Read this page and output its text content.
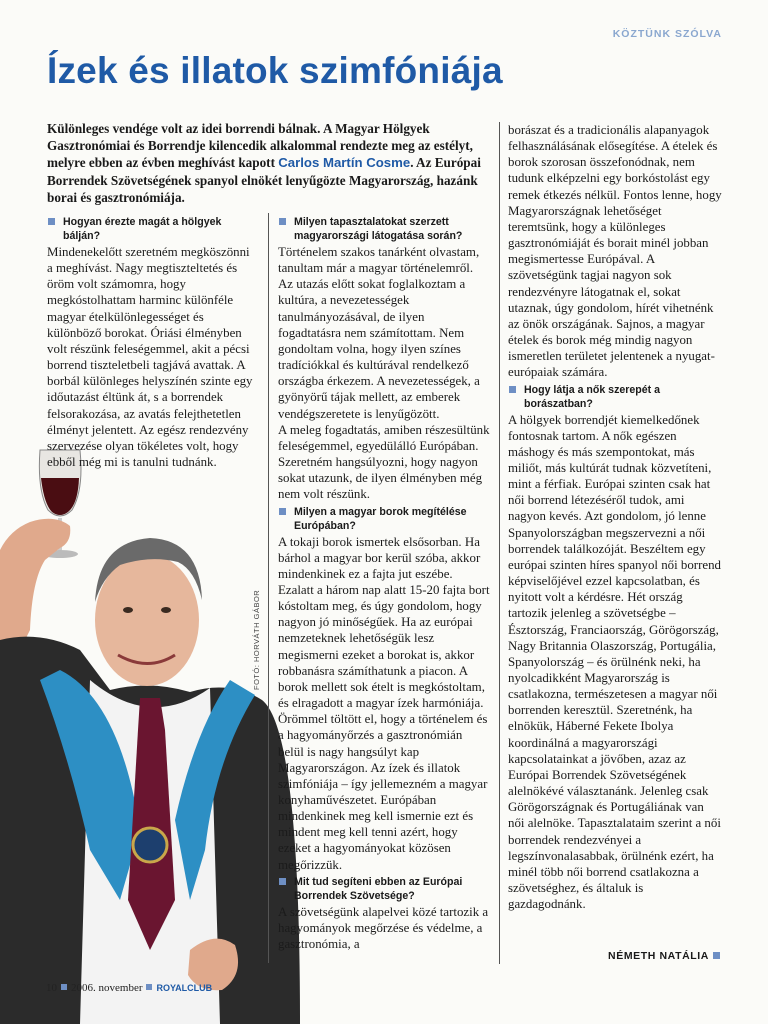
KÖZTÜNK SZÓLVA
Ízek és illatok szimfóniája
Különleges vendége volt az idei borrendi bálnak. A Magyar Hölgyek Gasztronómiai és Borrendje kilencedik alkalommal rendezte meg az estélyt, melyre ebben az évben meghívást kapott Carlos Martín Cosme. Az Európai Borrendek Szövetségének spanyol elnökét lenyűgözte Magyarország, hazánk borai és gasztronómiája.
FOTÓ: HORVÁTH GÁBOR
Hogyan érezte magát a hölgyek bálján?

Mindenekelőtt szeretném megköszönni a meghívást. Nagy megtiszteltetés és öröm volt számomra, hogy megkóstolhattam harminc különféle magyar ételkülönlegességet és különböző borokat. Óriási élményben volt részünk feleségemmel, akit a pécsi borrend tiszteletbeli tagjává avattak. A borbál különleges helyszínén szinte egy időutazást éltünk át, s a borrendek felsorakozása, az avatás felejthetetlen élményt jelentett. Az egész rendezvény szervezése olyan tökéletes volt, hogy ebből még mi is tanulni tudnánk.

Milyen tapasztalatokat szerzett magyarországi látogatása során?

Történelem szakos tanárként olvastam, tanultam már a magyar történelemről. Az utazás előtt sokat foglalkoztam a kultúra, a nevezetességek tanulmányozásával, de ilyen fogadtatásra nem számítottam. Nem gondoltam volna, hogy ilyen színes tradíciókkal és kultúrával rendelkező országba érkezem. A nevezetességek, a gyönyörű tájak mellett, az emberek vendégszeretete is lenyűgözött.

A meleg fogadtatás, amiben részesültünk feleségemmel, egyedülálló Európában. Szeretném hangsúlyozni, hogy nagyon sokat utazunk, de ilyen élményben még nem volt részünk.

Milyen a magyar borok megítélése Európában?

A tokaji borok ismertek elsősorban. Ha bárhol a magyar bor kerül szóba, akkor mindenkinek ez a fajta jut eszébe. Ezalatt a három nap alatt 15-20 fajta bort kóstoltam meg, és úgy gondolom, hogy nagyon jó minőségűek. Ha az európai nemzeteknek lehetőségük lesz megismerni ezeket a borokat is, akkor robbanásra számíthatunk a piacon. A borok mellett sok ételt is megkóstoltam, és elragadott a magyar ízek harmóniája. Örömmel töltött el, hogy a történelem és a hagyományőrzés a gasztronómián belül is nagy hangsúlyt kap Magyarországon. Az ízek és illatok szimfóniája – így jellemezném a magyar konyhaművészetet. Európában mindenkinek meg kell ismernie ezt és mindent meg kell tenni azért, hogy ezeket a hagyományokat közösen megőrizzük.

Mit tud segíteni ebben az Európai Borrendek Szövetsége?

A szövetségünk alapelvei közé tartozik a hagyományok megőrzése és védelme, a gasztronómia, a

borászat és a tradicionális alapanyagok felhasználásának elősegítése. A ételek és borok szorosan összefonódnak, nem tudunk elképzelni egy borkóstolást egy remek étkezés nélkül. Fontos lenne, hogy Magyarországnak lehetőséget teremtsünk, hogy a különleges gasztronómiáját és borait minél jobban megismertesse Európával. A szövetségünk tagjai nagyon sok rendezvényre látogatnak el, sokat utaznak, úgy gondolom, hírét vihetnénk az önök országának. Sajnos, a magyar ételek és borok még mindig nagyon ismeretlen területet jelentenek a nyugat-európaiak számára.

Hogy látja a nők szerepét a borászatban?

A hölgyek borrendjét kiemelkedőnek fontosnak tartom. A nők egészen máshogy és más szempontokat, más miliőt, más kultúrát tudnak közvetíteni, mint a férfiak. Európai szinten csak hat női borrend létezéséről tudok, ami nagyon kevés. Azt gondolom, jó lenne Spanyolországban megszervezni a női borrendek találkozóját. Beszéltem egy európai szinten híres spanyol női borrend képviselőjével ezzel kapcsolatban, és nyitott volt a kérdésre. Hét ország tartozik jelenleg a szövetségbe – Észtország, Franciaország, Görögország, Nagy Britannia Olaszország, Portugália, Spanyolország – és örülnénk neki, ha nyolcadikként Magyarország is csatlakozna, természetesen a magyar női borrenden keresztül. Szeretnénk, ha elnökük, Háberné Fekete Ibolya koordinálná a magyarországi kapcsolatainkat a jövőben, azaz az Európai Borrendek Szövetségének alelnökévé választanánk. Jelenleg csak Görögországnak és Portugáliának van női alelnöke. Tapasztalataim szerint a női borrendek rendezvényei a legszínvonalasabbak, örülnénk ezért, ha minél több női borrend csatlakozna a szövetséghez, és általuk is gazdagodnánk.

NÉMETH NATÁLIA
10 2006. november ROYALCLUB
